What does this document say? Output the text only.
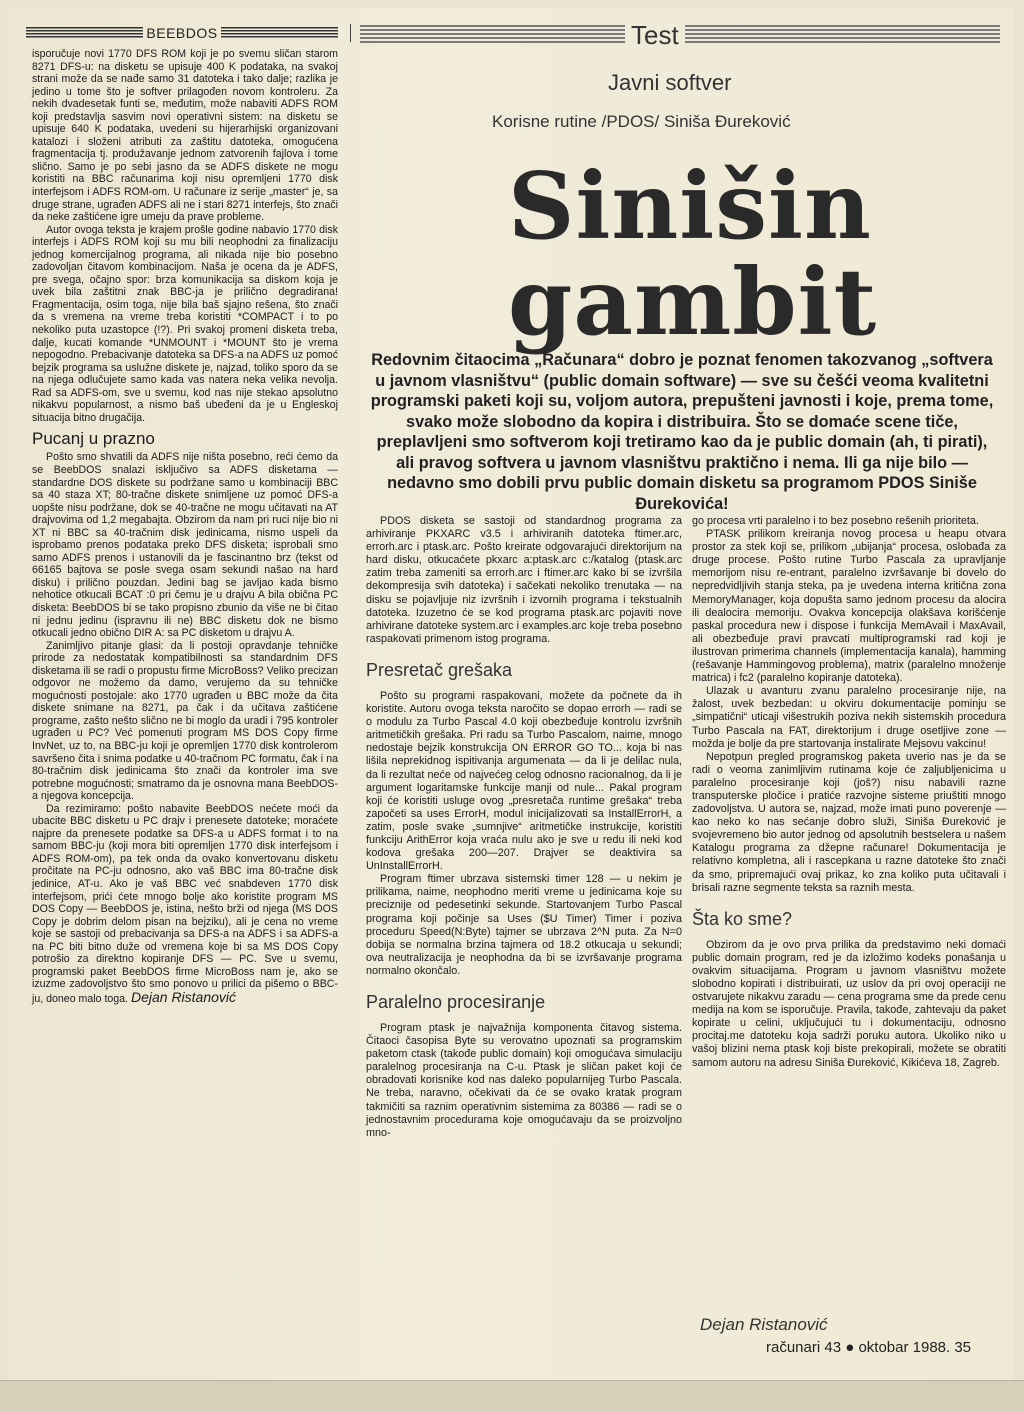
BEEBDOS	Test

isporučuje novi 1770 DFS ROM koji je po svemu sličan starom 8271 DFS-u: na disketu se upisuje 400 K podataka, na svakoj strani može da se nađe samo 31 datoteka i tako dalje; razlika je jedino u tome što je softver prilagođen novom kontroleru. Za nekih dvadesetak funti se, međutim, može nabaviti ADFS ROM koji predstavlja sasvim novi operativni sistem: na disketu se upisuje 640 K podataka, uvedeni su hijerarhijski organizovani katalozi i složeni atributi za zaštitu datoteka, omogućena fragmentacija tj. produžavanje jednom zatvorenih fajlova i tome slično. Samo je po sebi jasno da se ADFS diskete ne mogu koristiti na BBC računarima koji nisu opremljeni 1770 disk interfejsom i ADFS ROM-om. U računare iz serije „master“ je, sa druge strane, ugrađen ADFS ali ne i stari 8271 interfejs, što znači da neke zaštićene igre umeju da prave probleme.

Autor ovoga teksta je krajem prošle godine nabavio 1770 disk interfejs i ADFS ROM koji su mu bili neophodni za finalizaciju jednog komercijalnog programa, ali nikada nije bio posebno zadovoljan čitavom kombinacijom. Naša je ocena da je ADFS, pre svega, očajno spor: brza komunikacija sa diskom koja je uvek bila zaštitni znak BBC-ja je prilično degradirana! Fragmentacija, osim toga, nije bila baš sjajno rešena, što znači da s vremena na vreme treba koristiti *COMPACT i to po nekoliko puta uzastopce (!?). Pri svakoj promeni disketa treba, dalje, kucati komande *UNMOUNT i *MOUNT što je vrema nepogodno. Prebacivanje datoteka sa DFS-a na ADFS uz pomoć bejzik programa sa uslužne diskete je, najzad, toliko sporo da se na njega odlučujete samo kada vas natera neka velika nevolja. Rad sa ADFS-om, sve u svemu, kod nas nije stekao apsolutno nikakvu popularnost, a nismo baš ubeđeni da je u Engleskoj situacija bitno drugačija.

Pucanj u prazno

Pošto smo shvatili da ADFS nije ništa posebno, reći ćemo da se BeebDOS snalazi isključivo sa ADFS disketama — standardne DOS diskete su podržane samo u kombinaciji BBC sa 40 staza XT; 80-tračne diskete snimljene uz pomoć DFS-a uopšte nisu podržane, dok se 40-tračne ne mogu učitavati na AT drajvovima od 1,2 megabajta. Obzirom da nam pri ruci nije bio ni XT ni BBC sa 40-tračnim disk jedinicama, nismo uspeli da isprobamo prenos podataka preko DFS disketa; isprobali smo samo ADFS prenos i ustanovili da je fascinantno brz (tekst od 66165 bajtova se posle svega osam sekundi našao na hard disku) i prilično pouzdan. Jedini bag se javljao kada bismo nehotice otkucali BCAT :0 pri čemu je u drajvu A bila obična PC disketa: BeebDOS bi se tako propisno zbunio da više ne bi čitao ni jednu jedinu (ispravnu ili ne) BBC disketu dok ne bismo otkucali jedno obično DIR A: sa PC disketom u drajvu A.

Zanimljivo pitanje glasi: da li postoji opravdanje tehničke prirode za nedostatak kompatibilnosti sa standardnim DFS disketama ili se radi o propustu firme MicroBoss? Veliko precizan odgovor ne možemo da damo, verujemo da su tehničke mogućnosti postojale: ako 1770 ugrađen u BBC može da čita diskete snimane na 8271, pa čak i da učitava zaštićene programe, zašto nešto slično ne bi moglo da uradi i 795 kontroler ugrađen u PC? Već pomenuti program MS DOS Copy firme InvNet, uz to, na BBC-ju koji je opremljen 1770 disk kontrolerom savršeno čita i snima podatke u 40-tračnom PC formatu, čak i na 80-tračnim disk jedinicama što znači da kontroler ima sve potrebne mogućnosti; smatramo da je osnovna mana BeebDOS-a njegova koncepcija.

Da rezimiramo: pošto nabavite BeebDOS nećete moći da ubacite BBC disketu u PC drajv i prenesete datoteke; moraćete najpre da prenesete podatke sa DFS-a u ADFS format i to na samom BBC-ju (koji mora biti opremljen 1770 disk interfejsom i ADFS ROM-om), pa tek onda da ovako konvertovanu disketu pročitate na PC-ju odnosno, ako vaš BBC ima 80-tračne disk jedinice, AT-u. Ako je vaš BBC već snabdeven 1770 disk interfejsom, prići ćete mnogo bolje ako koristite program MS DOS Copy — BeebDOS je, istina, nešto brži od njega (MS DOS Copy je dobrim delom pisan na bejziku), ali je cena no vreme koje se sastoji od prebacivanja sa DFS-a na ADFS i sa ADFS-a na PC biti bitno duže od vremena koje bi sa MS DOS Copy potrošio za direktno kopiranje DFS — PC. Sve u svemu, programski paket BeebDOS firme MicroBoss nam je, ako se izuzme zadovoljstvo što smo ponovo u prilici da pišemo o BBC-ju, doneo malo toga. Dejan Ristanović

Javni softver
Korisne rutine /PDOS/ Siniša Đureković
Sinišin
gambit
Redovnim čitaocima „Računara“ dobro je poznat fenomen takozvanog „softvera u javnom vlasništvu“ (public domain software) — sve su češći veoma kvalitetni programski paketi koji su, voljom autora, prepušteni javnosti i koje, prema tome, svako može slobodno da kopira i distribuira. Što se domaće scene tiče, preplavljeni smo softverom koji tretiramo kao da je public domain (ah, ti pirati), ali pravog softvera u javnom vlasništvu praktično i nema. Ili ga nije bilo — nedavno smo dobili prvu public domain disketu sa programom PDOS Siniše Đurekovića!

PDOS disketa se sastoji od standardnog programa za arhiviranje PKXARC v3.5 i arhiviranih datoteka ftimer.arc, errorh.arc i ptask.arc. Pošto kreirate odgovarajući direktorijum na hard disku, otkucaćete pkxarc a:ptask.arc c:/katalog (ptask.arc zatim treba zameniti sa errorh.arc i ftimer.arc kako bi se izvršila dekompresija svih datoteka) i sačekati nekoliko trenutaka — na disku se pojavljuje niz izvršnih i izvornih programa i tekstualnih datoteka. Izuzetno će se kod programa ptask.arc pojaviti nove arhivirane datoteke system.arc i examples.arc koje treba posebno raspakovati primenom istog programa.

Presretač grešaka

Pošto su programi raspakovani, možete da počnete da ih koristite. Autoru ovoga teksta naročito se dopao errorh — radi se o modulu za Turbo Pascal 4.0 koji obezbeđuje kontrolu izvršnih aritmetičkih grešaka. Pri radu sa Turbo Pascalom, naime, mnogo nedostaje bejzik konstrukcija ON ERROR GO TO... koja bi nas lišila neprekidnog ispitivanja argumenata — da li je delilac nula, da li rezultat neće od najvećeg celog odnosno racionalnog, da li je argument logaritamske funkcije manji od nule... Pakal program koji će koristiti usluge ovog „presretača runtime grešaka“ treba započeti sa uses ErrorH, modul inicijalizovati sa InstallErrorH, a zatim, posle svake „sumnjive“ aritmetičke instrukcije, koristiti funkciju ArithError koja vraća nulu ako je sve u redu ili neki kod kodova grešaka 200—207. Drajver se deaktivira sa UnInstallErrorH.

Program ftimer ubrzava sistemski timer 128 — u nekim je prilikama, naime, neophodno meriti vreme u jedinicama koje su preciznije od pedesetinki sekunde. Startovanjem Turbo Pascal programa koji počinje sa Uses ($U Timer) Timer i poziva proceduru Speed(N:Byte) tajmer se ubrzava 2^N puta. Za N=0 dobija se normalna brzina tajmera od 18.2 otkucaja u sekundi; ova neutralizacija je neophodna da bi se izvršavanje programa normalno okončalo.

Paralelno procesiranje

Program ptask je najvažnija komponenta čitavog sistema. Čitaoci časopisa Byte su verovatno upoznati sa programskim paketom ctask (takođe public domain) koji omogućava simulaciju paralelnog procesiranja na C-u. Ptask je sličan paket koji će obradovati korisnike kod nas daleko popularnijeg Turbo Pascala. Ne treba, naravno, očekivati da će se ovako kratak program takmičiti sa raznim operativnim sistemima za 80386 — radi se o jednostavnim procedurama koje omogućavaju da se proizvoljno mno-

go procesa vrti paralelno i to bez posebno rešenih prioriteta.

PTASK prilikom kreiranja novog procesa u heapu otvara prostor za stek koji se, prilikom „ubijanja“ procesa, oslobađa za druge procese. Pošto rutine Turbo Pascala za upravljanje memorijom nisu re-entrant, paralelno izvršavanje bi dovelo do nepredvidljivih stanja steka, pa je uvedena interna kritična zona MemoryManager, koja dopušta samo jednom procesu da alocira ili dealocira memoriju. Ovakva koncepcija olakšava korišćenje paskal procedura new i dispose i funkcija MemAvail i MaxAvail, ali obezbeđuje pravi pravcati multiprogramski rad koji je ilustrovan primerima channels (implementacija kanala), hamming (rešavanje Hammingovog problema), matrix (paralelno množenje matrica) i fc2 (paralelno kopiranje datoteka).

Ulazak u avanturu zvanu paralelno procesiranje nije, na žalost, uvek bezbedan: u okviru dokumentacije pominju se „simpatični“ uticaji višestrukih poziva nekih sistemskih procedura Turbo Pascala na FAT, direktorijum i druge osetljive zone — možda je bolje da pre startovanja instalirate Mejsovu vakcinu!

Nepotpun pregled programskog paketa uverio nas je da se radi o veoma zanimljivim rutinama koje će zaljubljenicima u paralelno procesiranje koji (još?) nisu nabavili razne transputerske pločice i pratiće razvojne sisteme priuštiti mnogo zadovoljstva. U autora se, najzad, može imati puno poverenje — kao neko ko nas sećanje dobro služi, Siniša Đureković je svojevremeno bio autor jednog od apsolutnih bestselera u našem Katalogu programa za džepne računare! Dokumentacija je relativno kompletna, ali i rascepkana u razne datoteke što znači da smo, pripremajući ovaj prikaz, ko zna koliko puta učitavali i brisali razne segmente teksta sa raznih mesta.

Šta ko sme?

Obzirom da je ovo prva prilika da predstavimo neki domaći public domain program, red je da izložimo kodeks ponašanja u ovakvim situacijama. Program u javnom vlasništvu možete slobodno kopirati i distribuirati, uz uslov da pri ovoj operaciji ne ostvarujete nikakvu zaradu — cena programa sme da prede cenu medija na kom se isporučuje. Pravila, takođe, zahtevaju da paket kopirate u celini, uključujući tu i dokumentaciju, odnosno procitaj.me datoteku koja sadrži poruku autora. Ukoliko niko u vašoj blizini nema ptask koji biste prekopirali, možete se obratiti samom autoru na adresu Siniša Đureković, Kikićeva 18, Zagreb.

Dejan Ristanović
računari 43 ● oktobar 1988. 35
